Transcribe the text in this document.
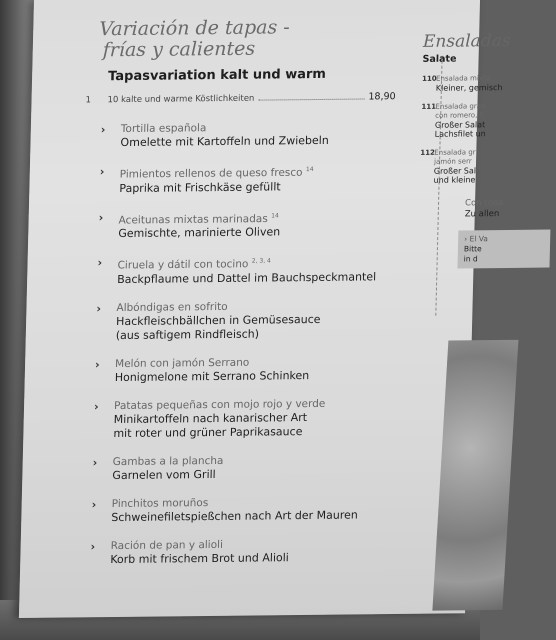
Variación de tapas -
frías y calientes
Tapasvariation kalt und warm
1	10 kalte und warme Köstlichkeiten	18,90
› Tortilla española
Omelette mit Kartoffeln und Zwiebeln
› Pimientos rellenos de queso fresco $^{14}$
Paprika mit Frischkäse gefüllt
› Aceitunas mixtas marinadas $^{14}$
Gemischte, marinierte Oliven
› Ciruela y dátil con tocino $^{2, 3, 4}$
Backpflaume und Dattel im Bauchspeckmantel
› Albóndigas en sofrito
Hackfleischbällchen in Gemüsesauce
(aus saftigem Rindfleisch)
› Melón con jamón Serrano
Honigmelone mit Serrano Schinken
› Patatas pequeñas con mojo rojo y verde
Minikartoffeln nach kanarischer Art
mit roter und grüner Paprikasauce
› Gambas a la plancha
Garnelen vom Grill
› Pinchitos moruños
Schweinefiletspießchen nach Art der Mauren
› Ración de pan y alioli
Korb mit frischem Brot und Alioli
Ensaladas
Salate
110Ensalada mixta
Kleiner, gemisch
111Ensalada gran
con romero, fi
Großer Salat
Lachsfilet un
112Ensalada gr
jamón serr
Großer Sal
und kleine
Con toda
Zu allen
› El Va
Bitte
in d
